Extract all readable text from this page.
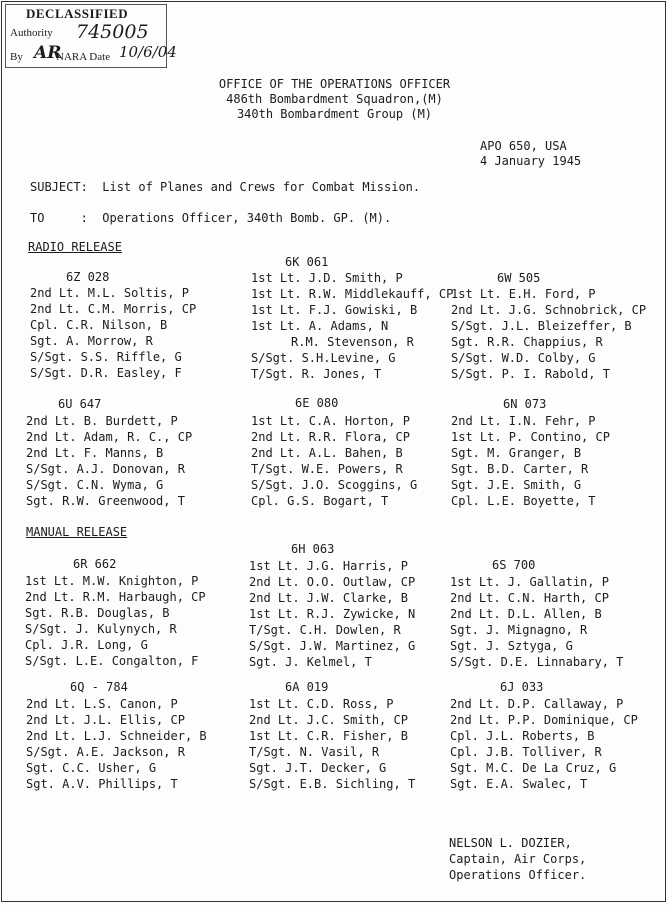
DECLASSIFIED
Authority 745005
By AR
NARA Date 10/6/04
OFFICE OF THE OPERATIONS OFFICER
486th Bombardment Squadron,(M)
340th Bombardment Group (M)
APO 650, USA
4 January 1945
SUBJECT:  List of Planes and Crews for Combat Mission.
TO     :  Operations Officer, 340th Bomb. GP. (M).
RADIO RELEASE
MANUAL RELEASE
6Z 028
2nd Lt. M.L. Soltis, P
2nd Lt. C.M. Morris, CP
Cpl. C.R. Nilson, B
Sgt. A. Morrow, R
S/Sgt. S.S. Riffle, G
S/Sgt. D.R. Easley, F
6K 061
1st Lt. J.D. Smith, P
1st Lt. R.W. Middlekauff, CP
1st Lt. F.J. Gowiski, B
1st Lt. A. Adams, N
R.M. Stevenson, R
S/Sgt. S.H.Levine, G
T/Sgt. R. Jones, T
6W 505
1st Lt. E.H. Ford, P
2nd Lt. J.G. Schnobrick, CP
S/Sgt. J.L. Bleizeffer, B
Sgt. R.R. Chappius, R
S/Sgt. W.D. Colby, G
S/Sgt. P. I. Rabold, T
6U 647
2nd Lt. B. Burdett, P
2nd Lt. Adam, R. C., CP
2nd Lt. F. Manns, B
S/Sgt. A.J. Donovan, R
S/Sgt. C.N. Wyma, G
Sgt. R.W. Greenwood, T
6E 080
1st Lt. C.A. Horton, P
2nd Lt. R.R. Flora, CP
2nd Lt. A.L. Bahen, B
T/Sgt. W.E. Powers, R
S/Sgt. J.O. Scoggins, G
Cpl. G.S. Bogart, T
6N 073
2nd Lt. I.N. Fehr, P
1st Lt. P. Contino, CP
Sgt. M. Granger, B
Sgt. B.D. Carter, R
Sgt. J.E. Smith, G
Cpl. L.E. Boyette, T
6R 662
1st Lt. M.W. Knighton, P
2nd Lt. R.M. Harbaugh, CP
Sgt. R.B. Douglas, B
S/Sgt. J. Kulynych, R
Cpl. J.R. Long, G
S/Sgt. L.E. Congalton, F
6H 063
1st Lt. J.G. Harris, P
2nd Lt. O.O. Outlaw, CP
2nd Lt. J.W. Clarke, B
1st Lt. R.J. Zywicke, N
T/Sgt. C.H. Dowlen, R
S/Sgt. J.W. Martinez, G
Sgt. J. Kelmel, T
6S 700
1st Lt. J. Gallatin, P
2nd Lt. C.N. Harth, CP
2nd Lt. D.L. Allen, B
Sgt. J. Mignagno, R
Sgt. J. Sztyga, G
S/Sgt. D.E. Linnabary, T
6Q - 784
2nd Lt. L.S. Canon, P
2nd Lt. J.L. Ellis, CP
2nd Lt. L.J. Schneider, B
S/Sgt. A.E. Jackson, R
Sgt. C.C. Usher, G
Sgt. A.V. Phillips, T
6A 019
1st Lt. C.D. Ross, P
2nd Lt. J.C. Smith, CP
1st Lt. C.R. Fisher, B
T/Sgt. N. Vasil, R
Sgt. J.T. Decker, G
S/Sgt. E.B. Sichling, T
6J 033
2nd Lt. D.P. Callaway, P
2nd Lt. P.P. Dominique, CP
Cpl. J.L. Roberts, B
Cpl. J.B. Tolliver, R
Sgt. M.C. De La Cruz, G
Sgt. E.A. Swalec, T
NELSON L. DOZIER,
Captain, Air Corps,
Operations Officer.
